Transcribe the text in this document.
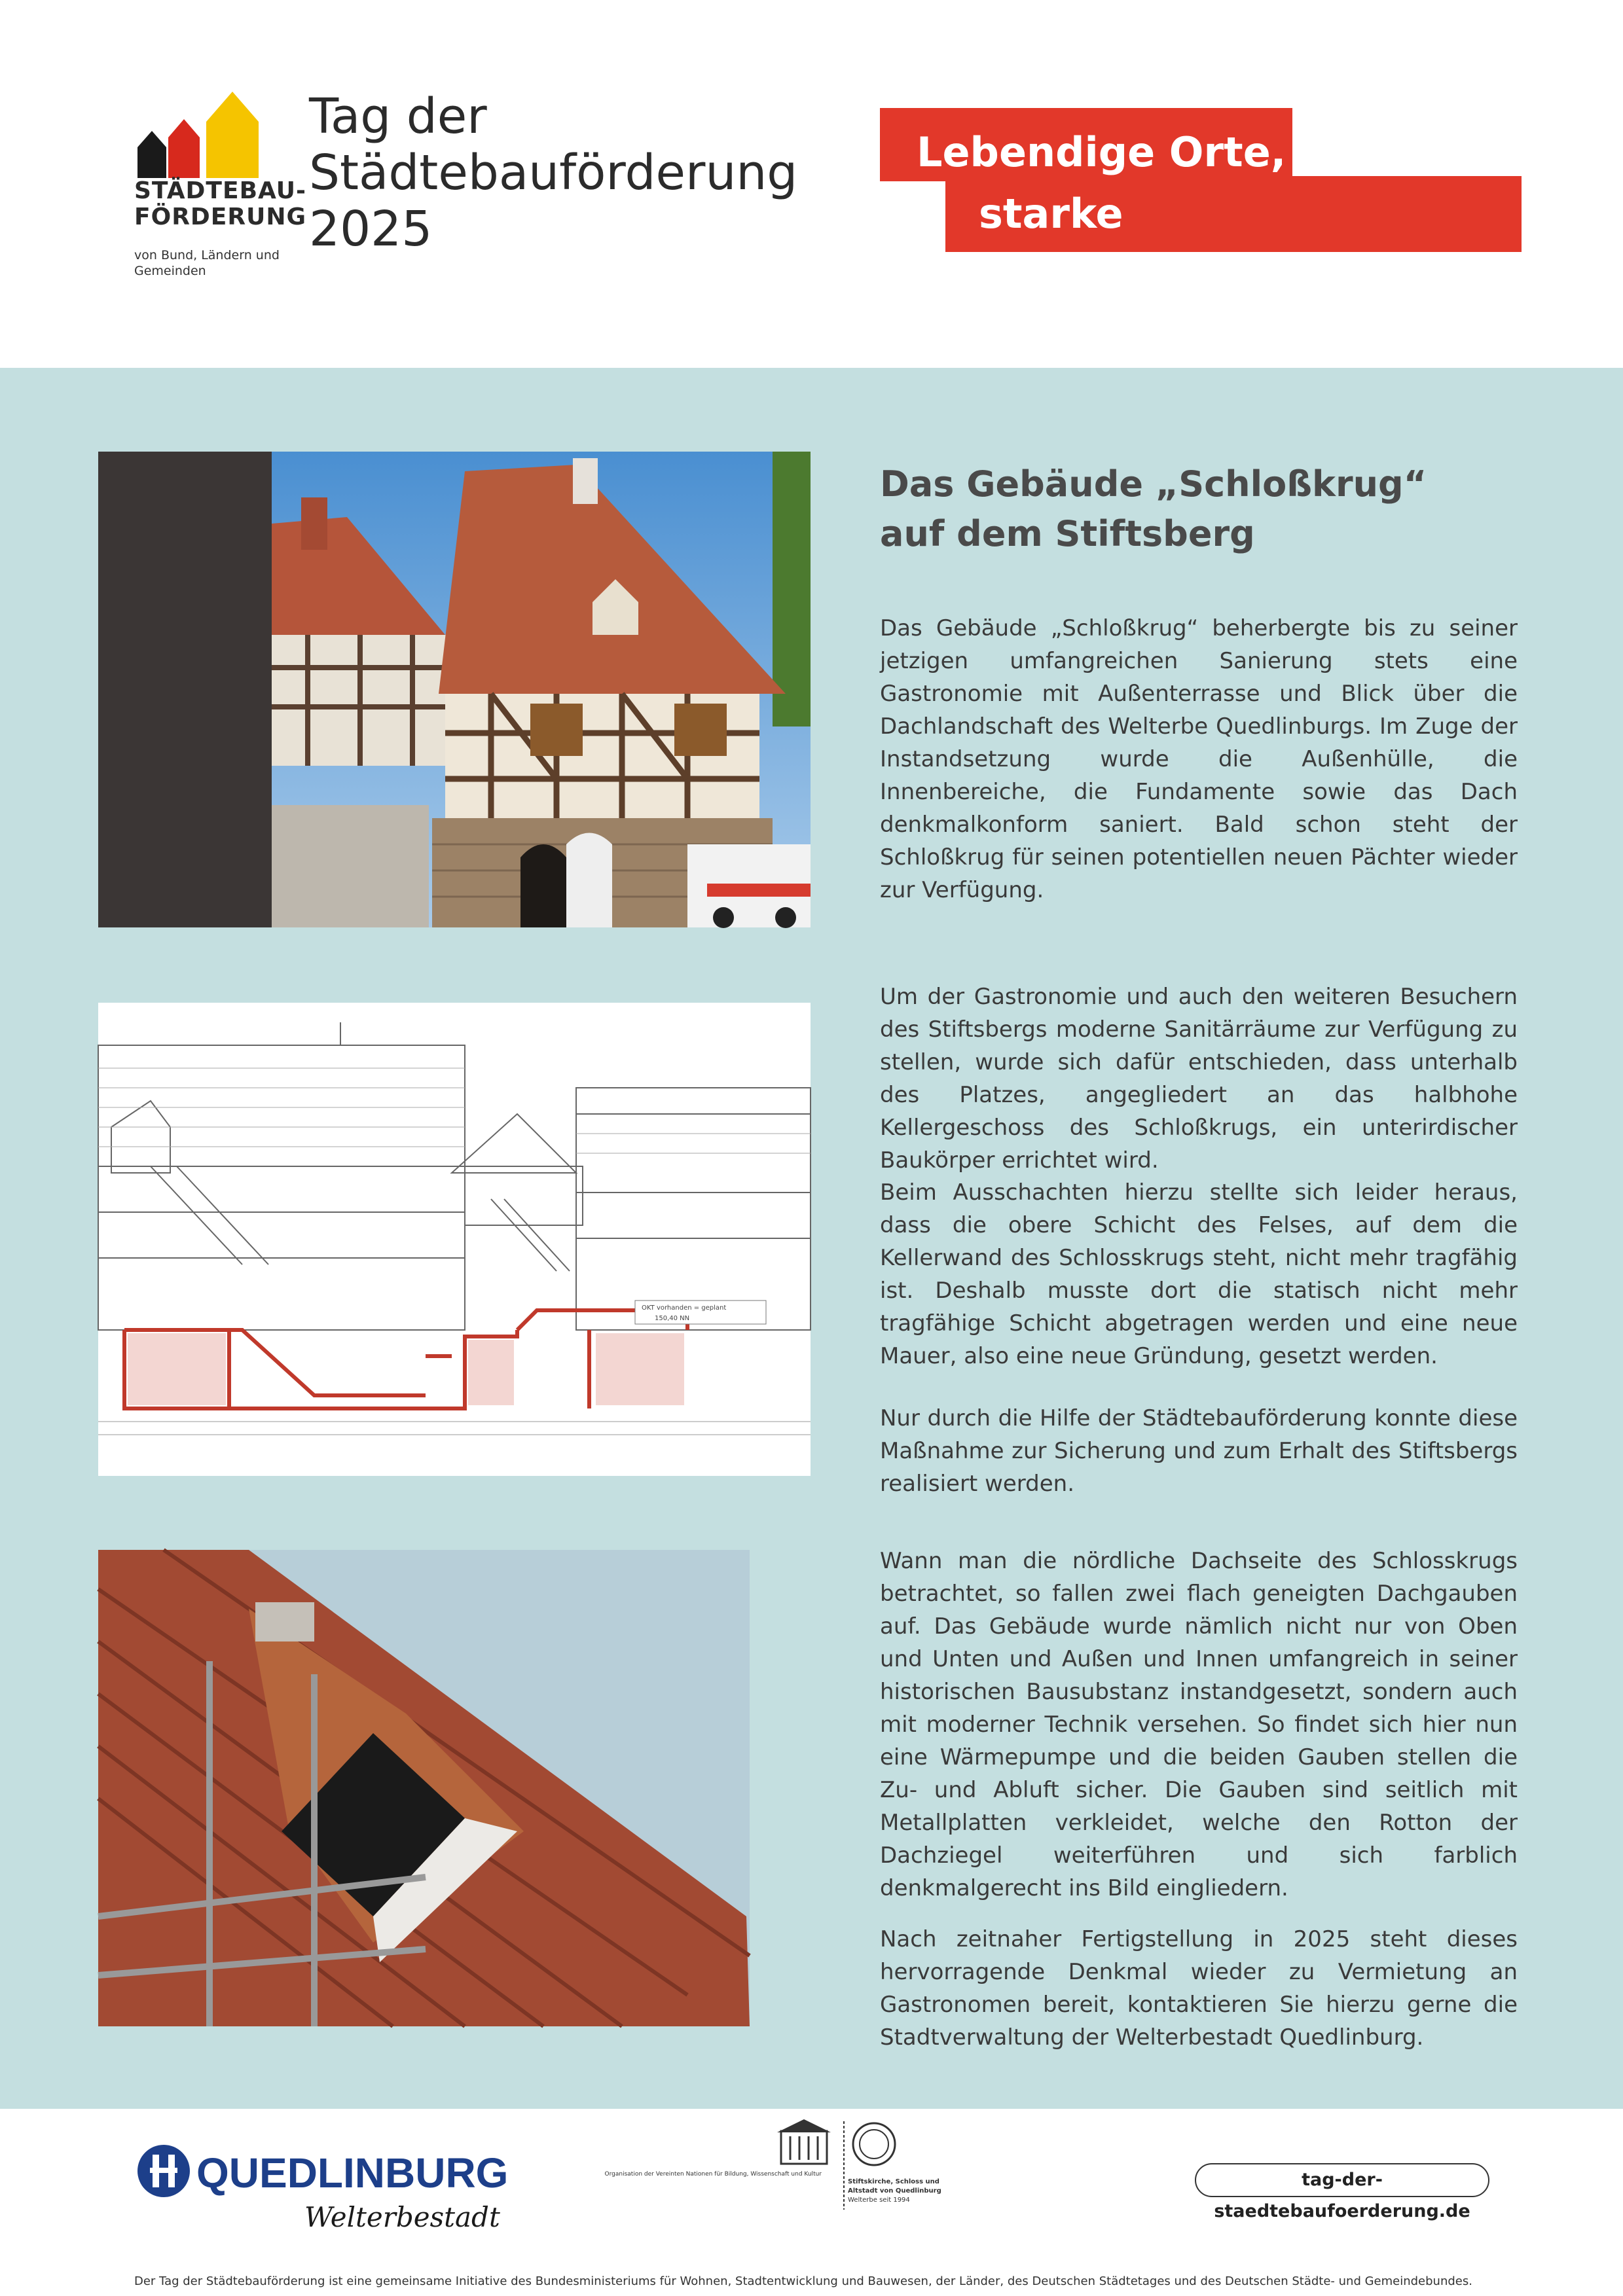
STÄDTEBAU-
FÖRDERUNG
von Bund, Ländern und
Gemeinden
Tag der
Städtebauförderung
2025
Lebendige Orte,
starke Gemeinschaften.
OKT vorhanden = geplant
150,40 NN
Das Gebäude „Schloßkrug“
auf dem Stiftsberg

Das Gebäude „Schloßkrug“ beherbergte bis zu seiner jetzigen umfangreichen Sanierung stets eine Gastronomie mit Außenterrasse und Blick über die Dachlandschaft des Welterbe Quedlinburgs. Im Zuge der Instandsetzung wurde die Außenhülle, die Innenbereiche, die Fundamente sowie das Dach denkmalkonform saniert. Bald schon steht der Schloßkrug für seinen potentiellen neuen Pächter wieder zur Verfügung.

Um der Gastronomie und auch den weiteren Besuchern des Stiftsbergs moderne Sanitärräume zur Verfügung zu stellen, wurde sich dafür entschieden, dass unterhalb des Platzes, angegliedert an das halbhohe Kellergeschoss des Schloßkrugs, ein unterirdischer Baukörper errichtet wird.

Beim Ausschachten hierzu stellte sich leider heraus, dass die obere Schicht des Felses, auf dem die Kellerwand des Schlosskrugs steht, nicht mehr tragfähig ist. Deshalb musste dort die statisch nicht mehr tragfähige Schicht abgetragen werden und eine neue Mauer, also eine neue Gründung, gesetzt werden.

Nur durch die Hilfe der Städtebauförderung konnte diese Maßnahme zur Sicherung und zum Erhalt des Stiftsbergs realisiert werden.

Wann man die nördliche Dachseite des Schlosskrugs betrachtet, so fallen zwei flach geneigten Dachgauben auf. Das Gebäude wurde nämlich nicht nur von Oben und Unten und Außen und Innen umfangreich in seiner historischen Bausubstanz instandgesetzt, sondern auch mit moderner Technik versehen. So findet sich hier nun eine Wärmepumpe und die beiden Gauben stellen die Zu- und Abluft sicher. Die Gauben sind seitlich mit Metallplatten verkleidet, welche den Rotton der Dachziegel weiterführen und sich farblich denkmalgerecht ins Bild eingliedern.

Nach zeitnaher Fertigstellung in 2025 steht dieses hervorragende Denkmal wieder zu Vermietung an Gastronomen bereit, kontaktieren Sie hierzu gerne die Stadtverwaltung der Welterbestadt Quedlinburg.

QUEDLINBURG
Welterbestadt
Organisation der Vereinten Nationen für Bildung, Wissenschaft und Kultur
Stiftskirche, Schloss und
Altstadt von Quedlinburg
Welterbe seit 1994
tag-der-staedtebaufoerderung.de
Der Tag der Städtebauförderung ist eine gemeinsame Initiative des Bundesministeriums für Wohnen, Stadtentwicklung und Bauwesen, der Länder, des Deutschen Städtetages und des Deutschen Städte- und Gemeindebundes.
